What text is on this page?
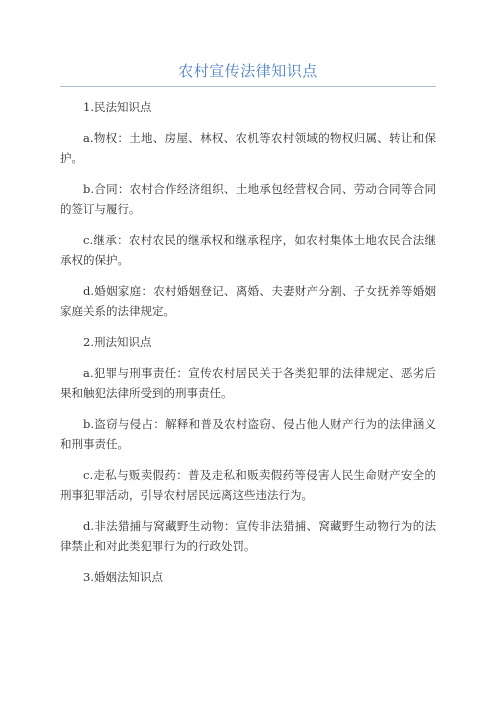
农村宣传法律知识点

1.民法知识点

a.物权：土地、房屋、林权、农机等农村领域的物权归属、转让和保护。

b.合同：农村合作经济组织、土地承包经营权合同、劳动合同等合同的签订与履行。

c.继承：农村农民的继承权和继承程序，如农村集体土地农民合法继承权的保护。

d.婚姻家庭：农村婚姻登记、离婚、夫妻财产分割、子女抚养等婚姻家庭关系的法律规定。

2.刑法知识点

a.犯罪与刑事责任：宣传农村居民关于各类犯罪的法律规定、恶劣后果和触犯法律所受到的刑事责任。

b.盗窃与侵占：解释和普及农村盗窃、侵占他人财产行为的法律涵义和刑事责任。

c.走私与贩卖假药：普及走私和贩卖假药等侵害人民生命财产安全的刑事犯罪活动，引导农村居民远离这些违法行为。

d.非法猎捕与窝藏野生动物：宣传非法猎捕、窝藏野生动物行为的法律禁止和对此类犯罪行为的行政处罚。

3.婚姻法知识点
